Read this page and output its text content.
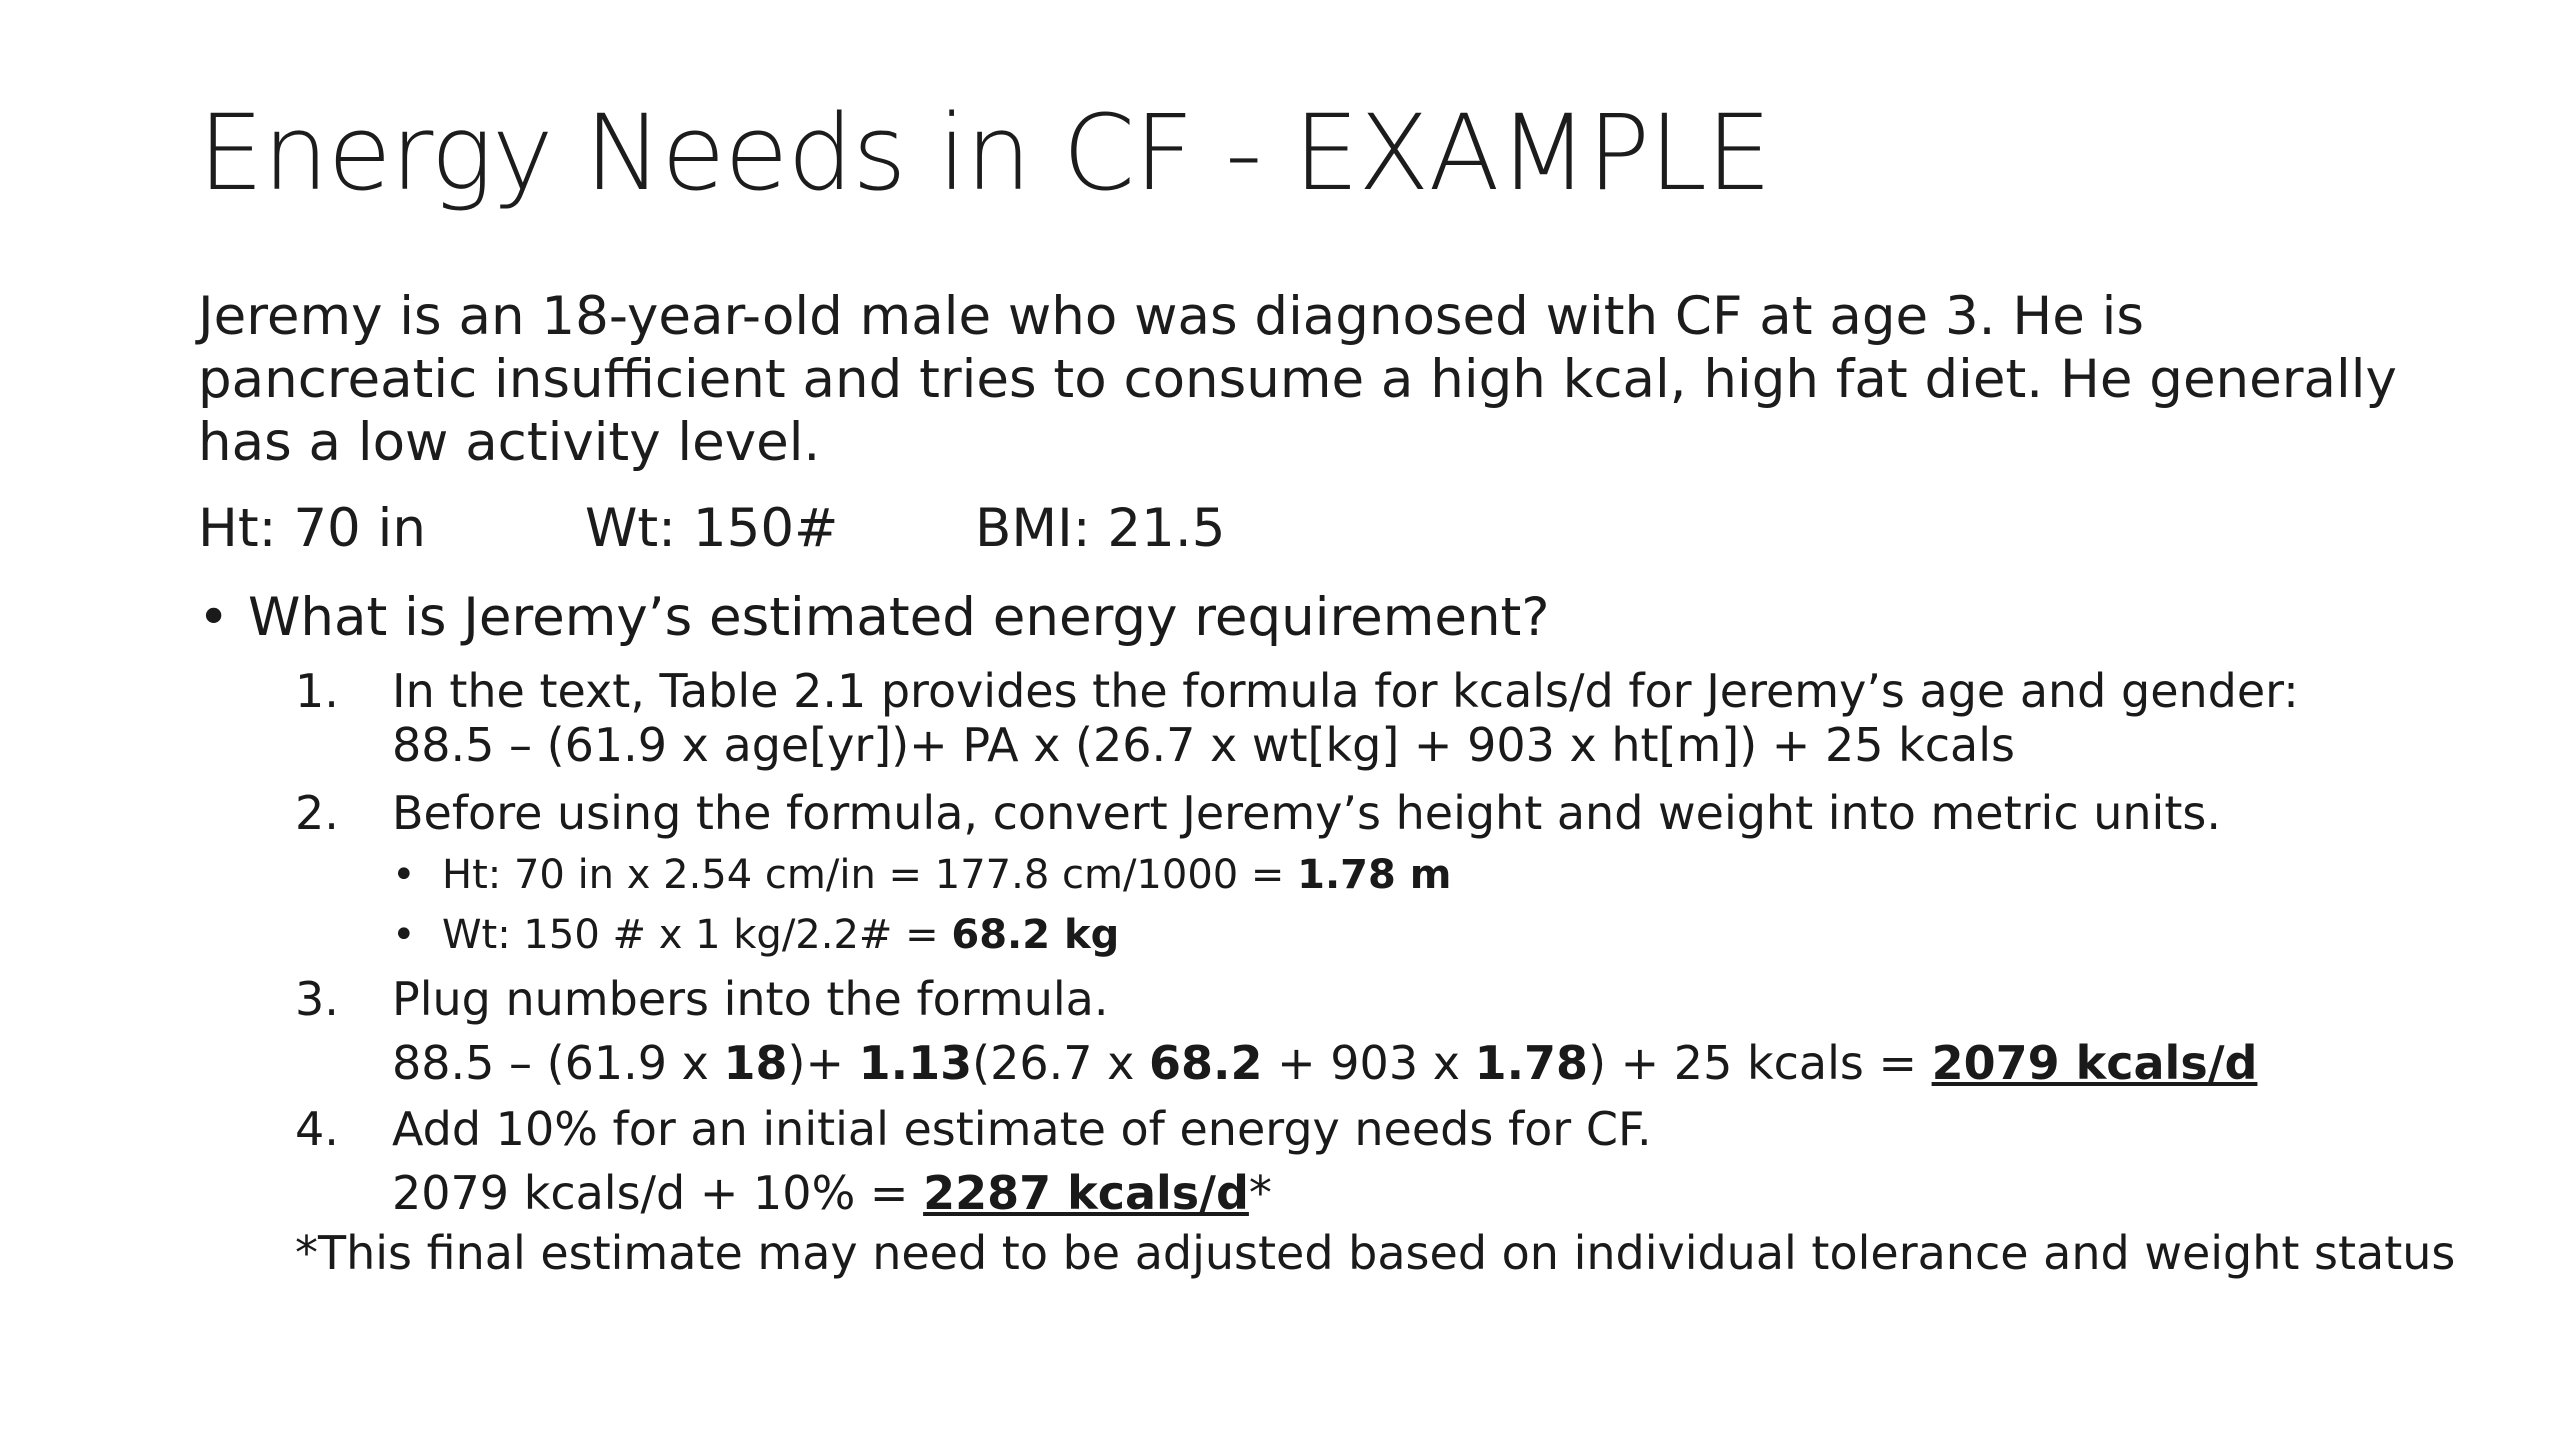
Energy Needs in CF - EXAMPLE
Jeremy is an 18-year-old male who was diagnosed with CF at age 3. He is pancreatic insufficient and tries to consume a high kcal, high fat diet. He generally has a low activity level.
Ht: 70 in	Wt: 150#	BMI: 21.5
• What is Jeremy’s estimated energy requirement?
1. In the text, Table 2.1 provides the formula for kcals/d for Jeremy’s age and gender:
88.5 – (61.9 x age[yr])+ PA x (26.7 x wt[kg] + 903 x ht[m]) + 25 kcals
2. Before using the formula, convert Jeremy’s height and weight into metric units.
• Ht: 70 in x 2.54 cm/in = 177.8 cm/1000 = 1.78 m
• Wt: 150 # x 1 kg/2.2# = 68.2 kg
3. Plug numbers into the formula.
88.5 – (61.9 x 18)+ 1.13(26.7 x 68.2 + 903 x 1.78) + 25 kcals = 2079 kcals/d
4. Add 10% for an initial estimate of energy needs for CF.
2079 kcals/d + 10% = 2287 kcals/d*
*This final estimate may need to be adjusted based on individual tolerance and weight status
